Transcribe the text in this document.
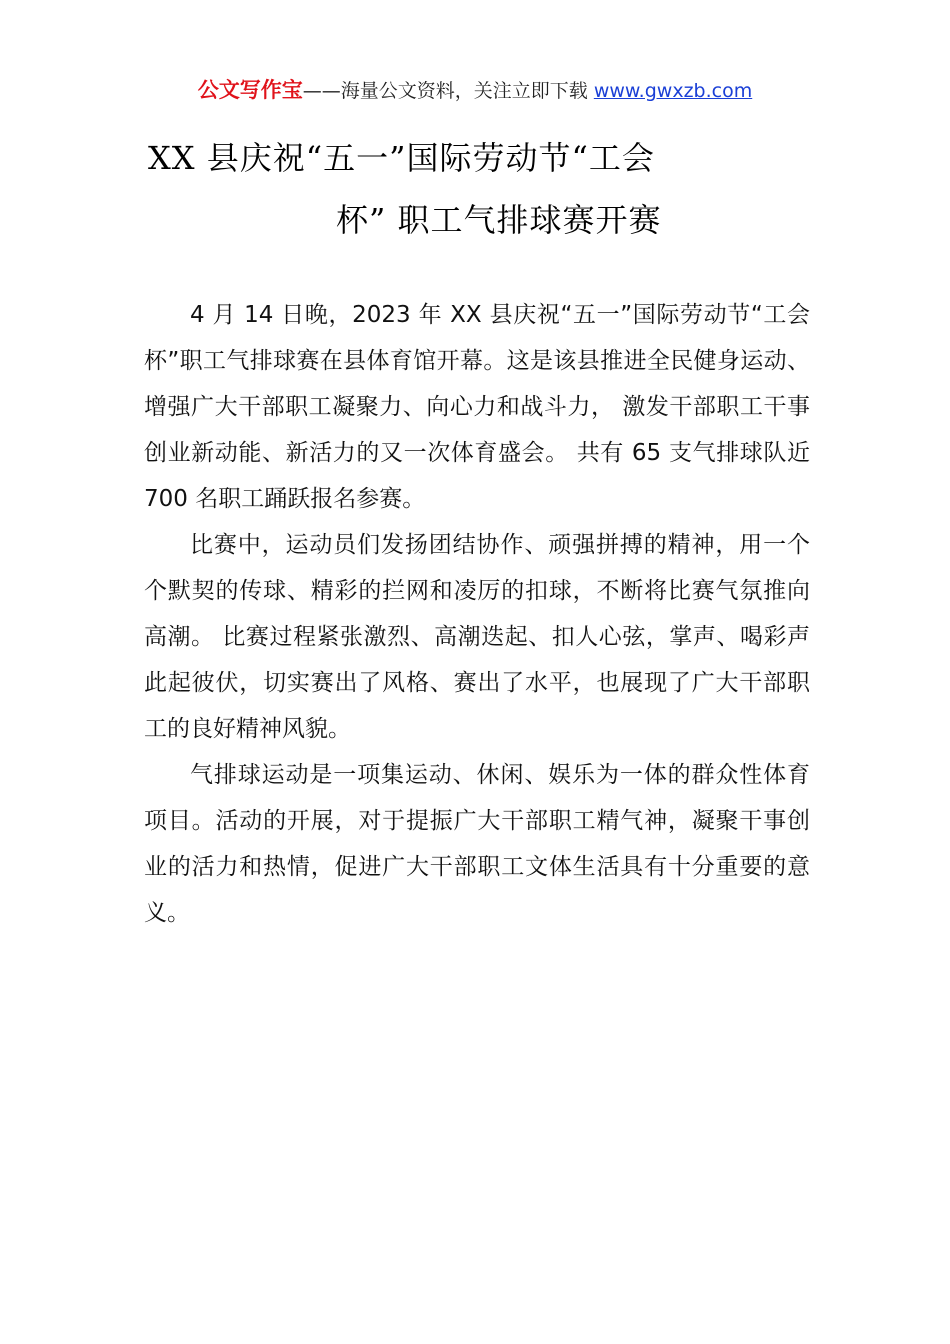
公文写作宝——海量公文资料，关注立即下载 www.gwxzb.com
XX 县庆祝“五一”国际劳动节“工会
杯” 职工气排球赛开赛

4 月 14 日晚，2023 年 XX 县庆祝“五一”国际劳动节“工会杯”职工气排球赛在县体育馆开幕。这是该县推进全民健身运动、增强广大干部职工凝聚力、向心力和战斗力， 激发干部职工干事创业新动能、新活力的又一次体育盛会。 共有 65 支气排球队近 700 名职工踊跃报名参赛。

比赛中，运动员们发扬团结协作、顽强拼搏的精神，用一个个默契的传球、精彩的拦网和凌厉的扣球，不断将比赛气氛推向高潮。 比赛过程紧张激烈、高潮迭起、扣人心弦，掌声、喝彩声此起彼伏，切实赛出了风格、赛出了水平，也展现了广大干部职工的良好精神风貌。

气排球运动是一项集运动、休闲、娱乐为一体的群众性体育项目。活动的开展，对于提振广大干部职工精气神，凝聚干事创业的活力和热情，促进广大干部职工文体生活具有十分重要的意义。
